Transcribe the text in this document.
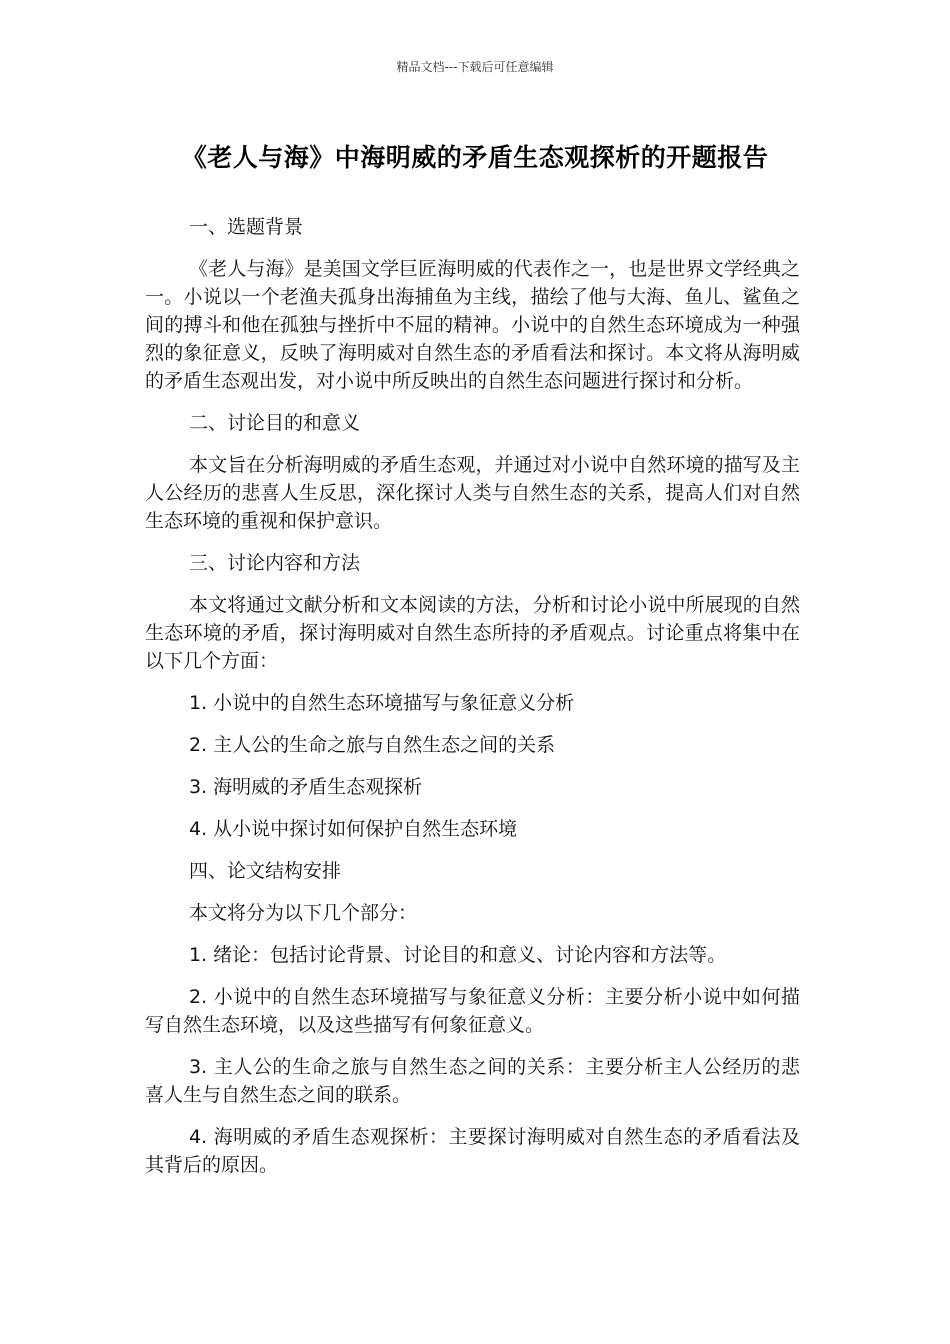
精品文档---下载后可任意编辑
《老人与海》中海明威的矛盾生态观探析的开题报告

一、选题背景

《老人与海》是美国文学巨匠海明威的代表作之一，也是世界文学经典之一。小说以一个老渔夫孤身出海捕鱼为主线，描绘了他与大海、鱼儿、鲨鱼之间的搏斗和他在孤独与挫折中不屈的精神。小说中的自然生态环境成为一种强烈的象征意义，反映了海明威对自然生态的矛盾看法和探讨。本文将从海明威的矛盾生态观出发，对小说中所反映出的自然生态问题进行探讨和分析。

二、讨论目的和意义

本文旨在分析海明威的矛盾生态观，并通过对小说中自然环境的描写及主人公经历的悲喜人生反思，深化探讨人类与自然生态的关系，提高人们对自然生态环境的重视和保护意识。

三、讨论内容和方法

本文将通过文献分析和文本阅读的方法，分析和讨论小说中所展现的自然生态环境的矛盾，探讨海明威对自然生态所持的矛盾观点。讨论重点将集中在以下几个方面：

1. 小说中的自然生态环境描写与象征意义分析

2. 主人公的生命之旅与自然生态之间的关系

3. 海明威的矛盾生态观探析

4. 从小说中探讨如何保护自然生态环境

四、论文结构安排

本文将分为以下几个部分：

1. 绪论：包括讨论背景、讨论目的和意义、讨论内容和方法等。

2. 小说中的自然生态环境描写与象征意义分析：主要分析小说中如何描写自然生态环境，以及这些描写有何象征意义。

3. 主人公的生命之旅与自然生态之间的关系：主要分析主人公经历的悲喜人生与自然生态之间的联系。

4. 海明威的矛盾生态观探析：主要探讨海明威对自然生态的矛盾看法及其背后的原因。
